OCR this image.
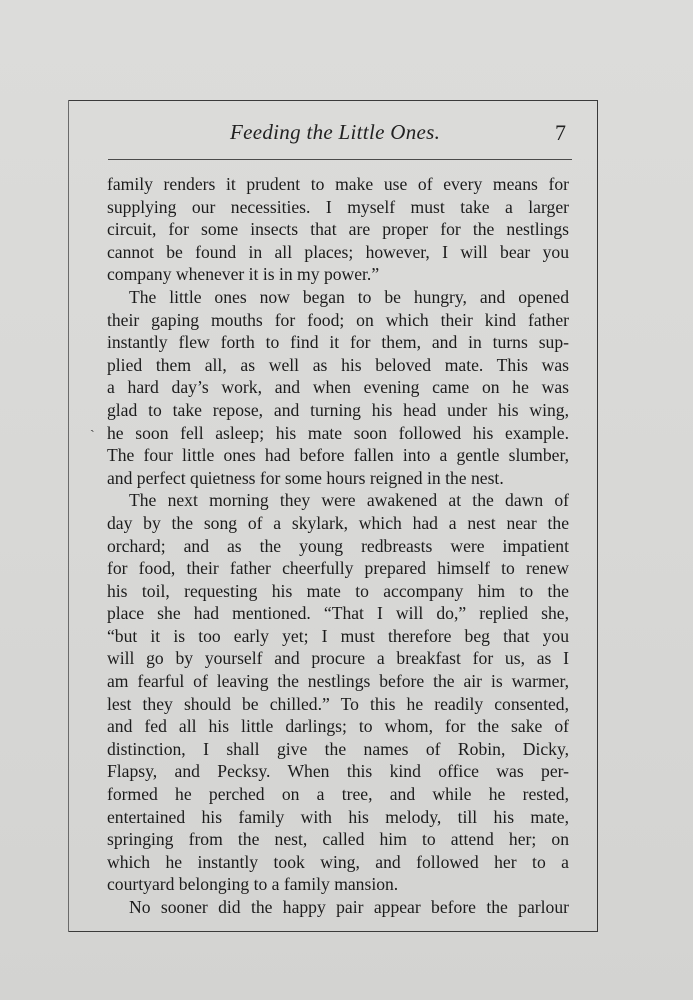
Feeding the Little Ones.	7
family renders it prudent to make use of every means for
supplying our necessities. I myself must take a larger
circuit, for some insects that are proper for the nestlings
cannot be found in all places; however, I will bear you
company whenever it is in my power.”
The little ones now began to be hungry, and opened
their gaping mouths for food; on which their kind father
instantly flew forth to find it for them, and in turns sup-
plied them all, as well as his beloved mate. This was
a hard day’s work, and when evening came on he was
glad to take repose, and turning his head under his wing,
he soon fell asleep; his mate soon followed his example.
The four little ones had before fallen into a gentle slumber,
and perfect quietness for some hours reigned in the nest.
The next morning they were awakened at the dawn of
day by the song of a skylark, which had a nest near the
orchard; and as the young redbreasts were impatient
for food, their father cheerfully prepared himself to renew
his toil, requesting his mate to accompany him to the
place she had mentioned. “That I will do,” replied she,
“but it is too early yet; I must therefore beg that you
will go by yourself and procure a breakfast for us, as I
am fearful of leaving the nestlings before the air is warmer,
lest they should be chilled.” To this he readily consented,
and fed all his little darlings; to whom, for the sake of
distinction, I shall give the names of Robin, Dicky,
Flapsy, and Pecksy. When this kind office was per-
formed he perched on a tree, and while he rested,
entertained his family with his melody, till his mate,
springing from the nest, called him to attend her; on
which he instantly took wing, and followed her to a
courtyard belonging to a family mansion.
No sooner did the happy pair appear before the parlour
ˎ
